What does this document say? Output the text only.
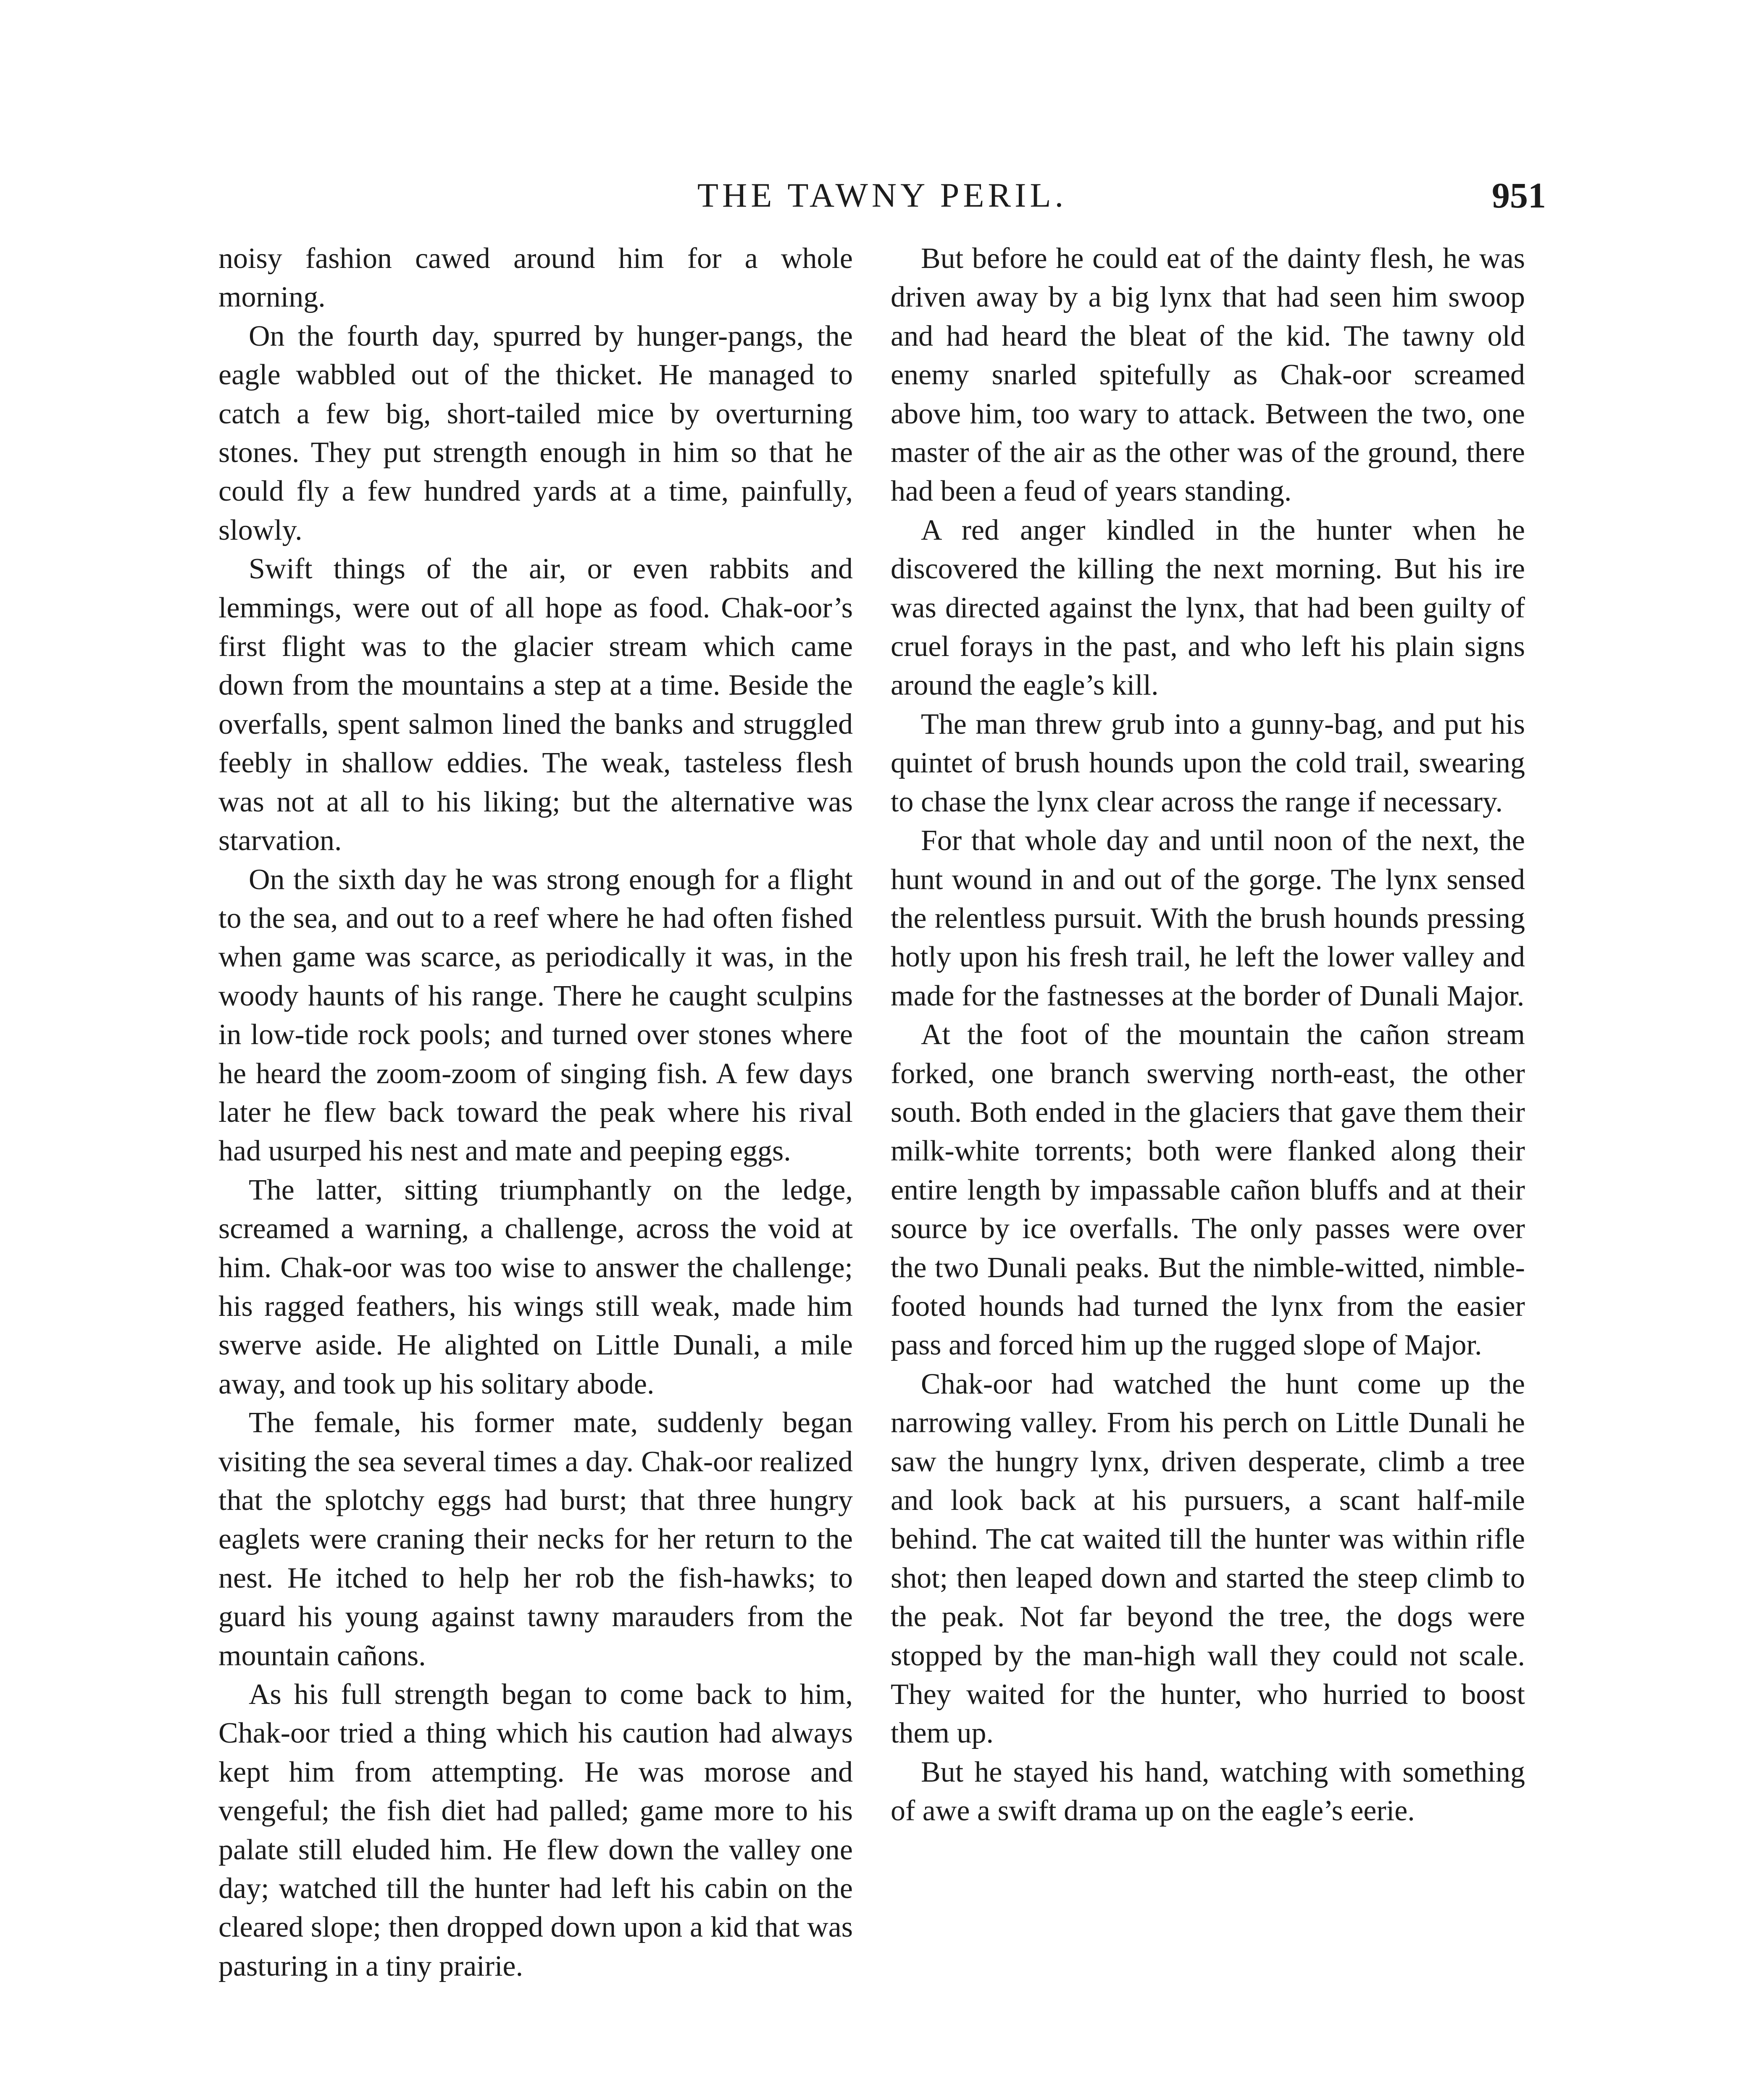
THE TAWNY PERIL.	951

noisy fashion cawed around him for a whole morning.

On the fourth day, spurred by hunger-pangs, the eagle wabbled out of the thicket. He managed to catch a few big, short-tailed mice by overturning stones. They put strength enough in him so that he could fly a few hundred yards at a time, painfully, slowly.

Swift things of the air, or even rabbits and lemmings, were out of all hope as food. Chak-oor’s first flight was to the glacier stream which came down from the mountains a step at a time. Beside the overfalls, spent salmon lined the banks and struggled feebly in shallow eddies. The weak, tasteless flesh was not at all to his liking; but the alternative was starvation.

On the sixth day he was strong enough for a flight to the sea, and out to a reef where he had often fished when game was scarce, as periodically it was, in the woody haunts of his range. There he caught sculpins in low-tide rock pools; and turned over stones where he heard the zoom-zoom of singing fish. A few days later he flew back toward the peak where his rival had usurped his nest and mate and peeping eggs.

The latter, sitting triumphantly on the ledge, screamed a warning, a challenge, across the void at him. Chak-oor was too wise to answer the challenge; his ragged feathers, his wings still weak, made him swerve aside. He alighted on Little Dunali, a mile away, and took up his solitary abode.

The female, his former mate, suddenly began visiting the sea several times a day. Chak-oor realized that the splotchy eggs had burst; that three hungry eaglets were craning their necks for her return to the nest. He itched to help her rob the fish-hawks; to guard his young against tawny marauders from the mountain cañons.

As his full strength began to come back to him, Chak-oor tried a thing which his caution had always kept him from attempting. He was morose and vengeful; the fish diet had palled; game more to his palate still eluded him. He flew down the valley one day; watched till the hunter had left his cabin on the cleared slope; then dropped down upon a kid that was pasturing in a tiny prairie.

But before he could eat of the dainty flesh, he was driven away by a big lynx that had seen him swoop and had heard the bleat of the kid. The tawny old enemy snarled spitefully as Chak-oor screamed above him, too wary to attack. Between the two, one master of the air as the other was of the ground, there had been a feud of years standing.

A red anger kindled in the hunter when he discovered the killing the next morning. But his ire was directed against the lynx, that had been guilty of cruel forays in the past, and who left his plain signs around the eagle’s kill.

The man threw grub into a gunny-bag, and put his quintet of brush hounds upon the cold trail, swearing to chase the lynx clear across the range if necessary.

For that whole day and until noon of the next, the hunt wound in and out of the gorge. The lynx sensed the relentless pursuit. With the brush hounds pressing hotly upon his fresh trail, he left the lower valley and made for the fastnesses at the border of Dunali Major.

At the foot of the mountain the cañon stream forked, one branch swerving north-east, the other south. Both ended in the glaciers that gave them their milk-white torrents; both were flanked along their entire length by impassable cañon bluffs and at their source by ice overfalls. The only passes were over the two Dunali peaks. But the nimble-witted, nimble-footed hounds had turned the lynx from the easier pass and forced him up the rugged slope of Major.

Chak-oor had watched the hunt come up the narrowing valley. From his perch on Little Dunali he saw the hungry lynx, driven desperate, climb a tree and look back at his pursuers, a scant half-mile behind. The cat waited till the hunter was within rifle shot; then leaped down and started the steep climb to the peak. Not far beyond the tree, the dogs were stopped by the man-high wall they could not scale. They waited for the hunter, who hurried to boost them up.

But he stayed his hand, watching with something of awe a swift drama up on the eagle’s eerie.
